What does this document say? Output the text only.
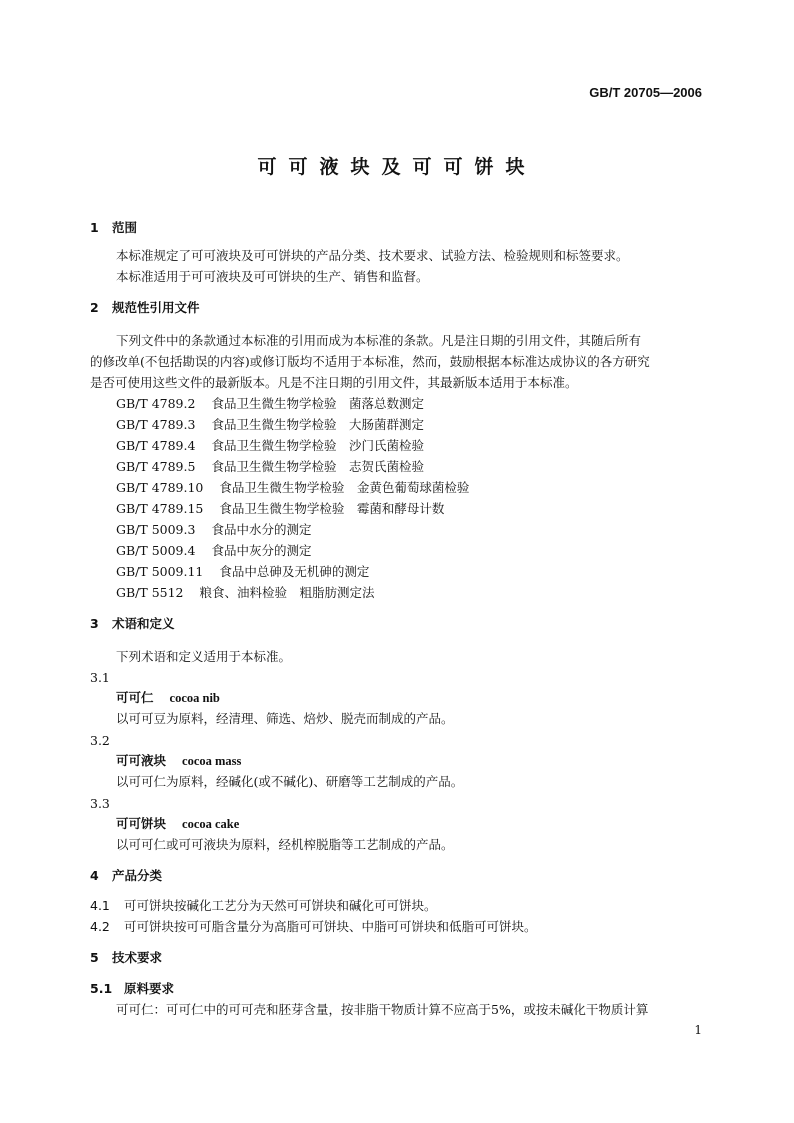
GB/T 20705—2006
可可液块及可可饼块
1 范围
本标准规定了可可液块及可可饼块的产品分类、技术要求、试验方法、检验规则和标签要求。
本标准适用于可可液块及可可饼块的生产、销售和监督。
2 规范性引用文件
下列文件中的条款通过本标准的引用而成为本标准的条款。凡是注日期的引用文件，其随后所有
的修改单(不包括勘误的内容)或修订版均不适用于本标准，然而，鼓励根据本标准达成协议的各方研究
是否可使用这些文件的最新版本。凡是不注日期的引用文件，其最新版本适用于本标准。
GB/T 4789.2 食品卫生微生物学检验　菌落总数测定
GB/T 4789.3 食品卫生微生物学检验　大肠菌群测定
GB/T 4789.4 食品卫生微生物学检验　沙门氏菌检验
GB/T 4789.5 食品卫生微生物学检验　志贺氏菌检验
GB/T 4789.10 食品卫生微生物学检验　金黄色葡萄球菌检验
GB/T 4789.15 食品卫生微生物学检验　霉菌和酵母计数
GB/T 5009.3 食品中水分的测定
GB/T 5009.4 食品中灰分的测定
GB/T 5009.11 食品中总砷及无机砷的测定
GB/T 5512 粮食、油料检验　粗脂肪测定法
3 术语和定义
下列术语和定义适用于本标准。
3.1
可可仁 cocoa nib
以可可豆为原料，经清理、筛选、焙炒、脱壳而制成的产品。
3.2
可可液块 cocoa mass
以可可仁为原料，经碱化(或不碱化)、研磨等工艺制成的产品。
3.3
可可饼块 cocoa cake
以可可仁或可可液块为原料，经机榨脱脂等工艺制成的产品。
4 产品分类
4.1 可可饼块按碱化工艺分为天然可可饼块和碱化可可饼块。
4.2 可可饼块按可可脂含量分为高脂可可饼块、中脂可可饼块和低脂可可饼块。
5 技术要求
5.1 原料要求
可可仁：可可仁中的可可壳和胚芽含量，按非脂干物质计算不应高于5%，或按未碱化干物质计算
1
